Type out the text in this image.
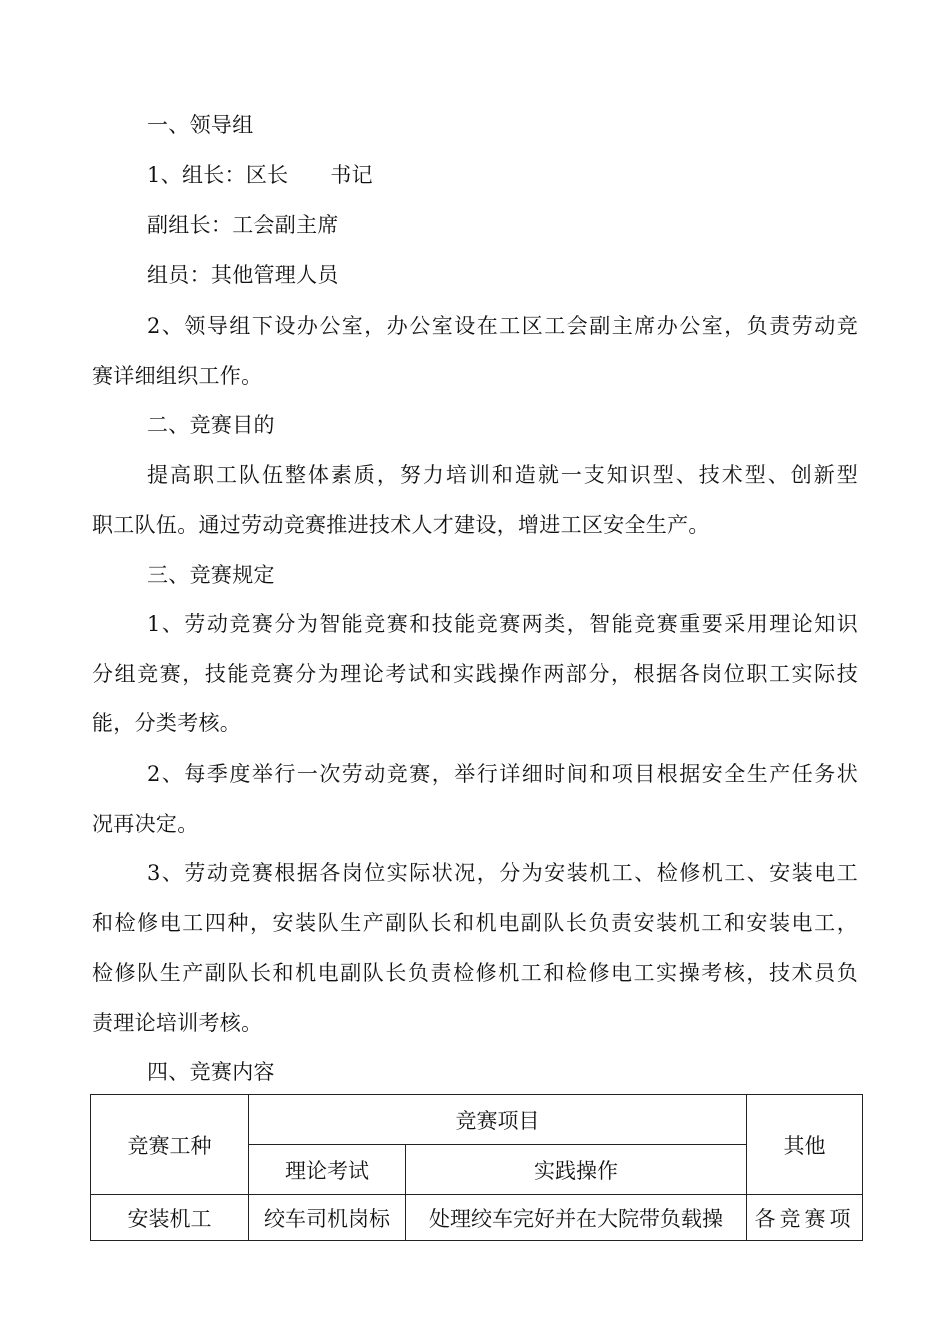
一、领导组
1、组长：区长      书记
副组长：工会副主席
组员：其他管理人员
2、领导组下设办公室，办公室设在工区工会副主席办公室，负责劳动竞
赛详细组织工作。
二、竞赛目的
提高职工队伍整体素质，努力培训和造就一支知识型、技术型、创新型
职工队伍。通过劳动竞赛推进技术人才建设，增进工区安全生产。
三、竞赛规定
1、劳动竞赛分为智能竞赛和技能竞赛两类，智能竞赛重要采用理论知识
分组竞赛，技能竞赛分为理论考试和实践操作两部分，根据各岗位职工实际技
能，分类考核。
2、每季度举行一次劳动竞赛，举行详细时间和项目根据安全生产任务状
况再决定。
3、劳动竞赛根据各岗位实际状况，分为安装机工、检修机工、安装电工
和检修电工四种，安装队生产副队长和机电副队长负责安装机工和安装电工，
检修队生产副队长和机电副队长负责检修机工和检修电工实操考核，技术员负
责理论培训考核。
四、竞赛内容
竞赛工种	竞赛项目		其他
	理论考试	实践操作	
安装机工	绞车司机岗标	处理绞车完好并在大院带负载操	各竞赛项
